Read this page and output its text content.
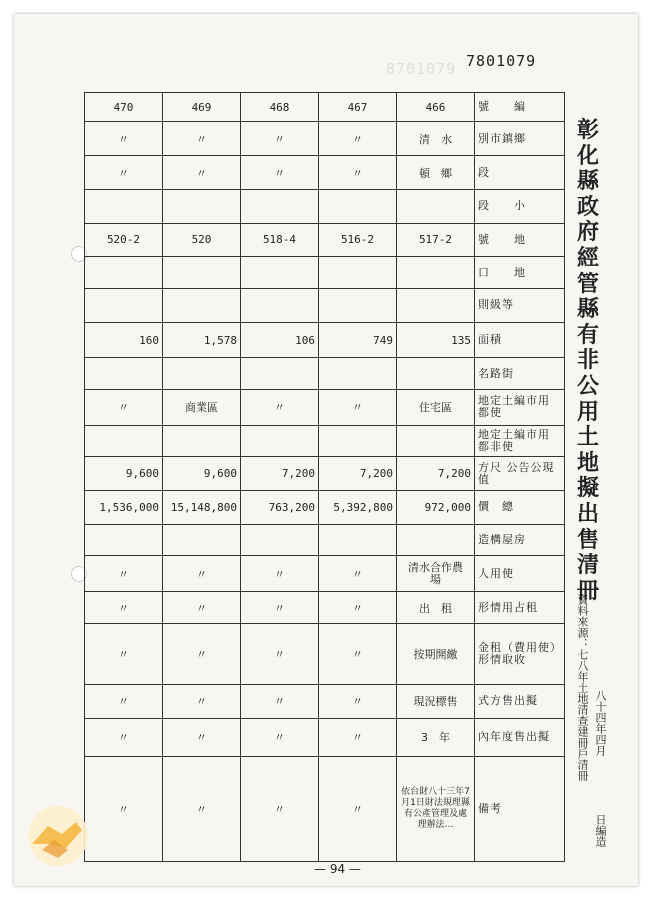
8701079 7801079
470	469	468	467	466	號　　編
〃	〃	〃	〃	清　水	別市鎮鄉
〃	〃	〃	〃	頓　鄉	段
					段　　小
520-2	520	518-4	516-2	517-2	號　　地
					口　　地
					則級等
160	1,578	106	749	135	面積
					名路街
〃	商業區	〃	〃	住宅區	地定土編市用都使
					地定土編市用都非使
9,600	9,600	7,200	7,200	7,200	方尺 公告公現值
1,536,000	15,148,800	763,200	5,392,800	972,000	價　總
					造構屋房
〃	〃	〃	〃	清水合作農　場	人用使
〃	〃	〃	〃	出　租	形情用占租
〃	〃	〃	〃	按期開繳	金租（費用使）形情取收
〃	〃	〃	〃	現況標售	式方售出擬
〃	〃	〃	〃	3　年	內年度售出擬
〃	〃	〃	〃	依台財八十三年7月1日財法規理縣有公產管理及處理辦法…	備考
彰化縣政府經管縣有非公用土地擬出售清冊
資料來源：七八年土地清查建冊戶清冊 八十四年四月
日編造
— 94 —
